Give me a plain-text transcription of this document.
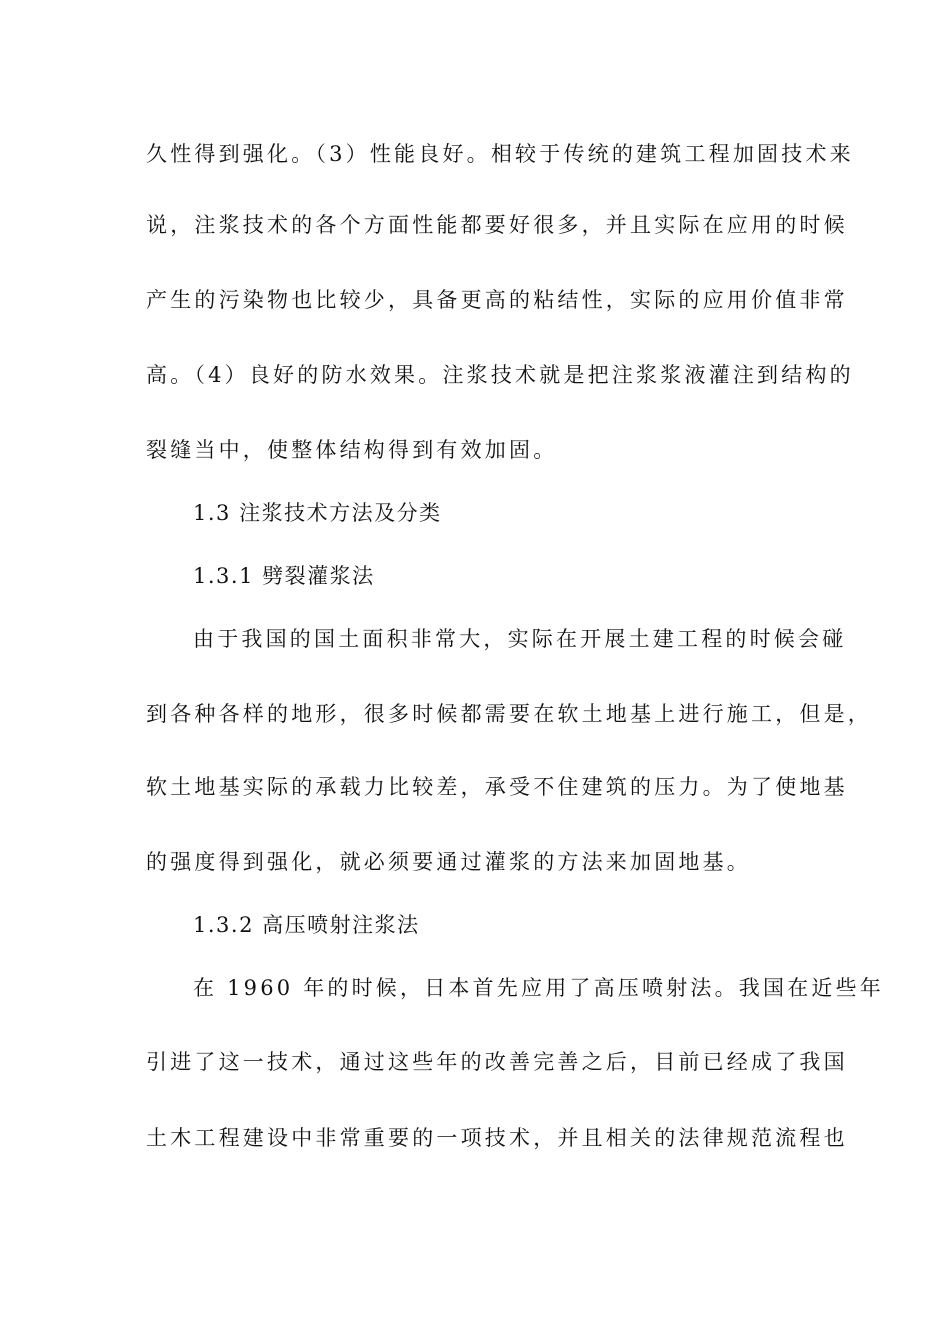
久性得到强化。（3）性能良好。相较于传统的建筑工程加固技术来
说，注浆技术的各个方面性能都要好很多，并且实际在应用的时候
产生的污染物也比较少，具备更高的粘结性，实际的应用价值非常
高。（4）良好的防水效果。注浆技术就是把注浆浆液灌注到结构的
裂缝当中，使整体结构得到有效加固。
1.3 注浆技术方法及分类
1.3.1 劈裂灌浆法
由于我国的国土面积非常大，实际在开展土建工程的时候会碰
到各种各样的地形，很多时候都需要在软土地基上进行施工，但是，
软土地基实际的承载力比较差，承受不住建筑的压力。为了使地基
的强度得到强化，就必须要通过灌浆的方法来加固地基。
1.3.2 高压喷射注浆法
在 1960 年的时候，日本首先应用了高压喷射法。我国在近些年
引进了这一技术，通过这些年的改善完善之后，目前已经成了我国
土木工程建设中非常重要的一项技术，并且相关的法律规范流程也
